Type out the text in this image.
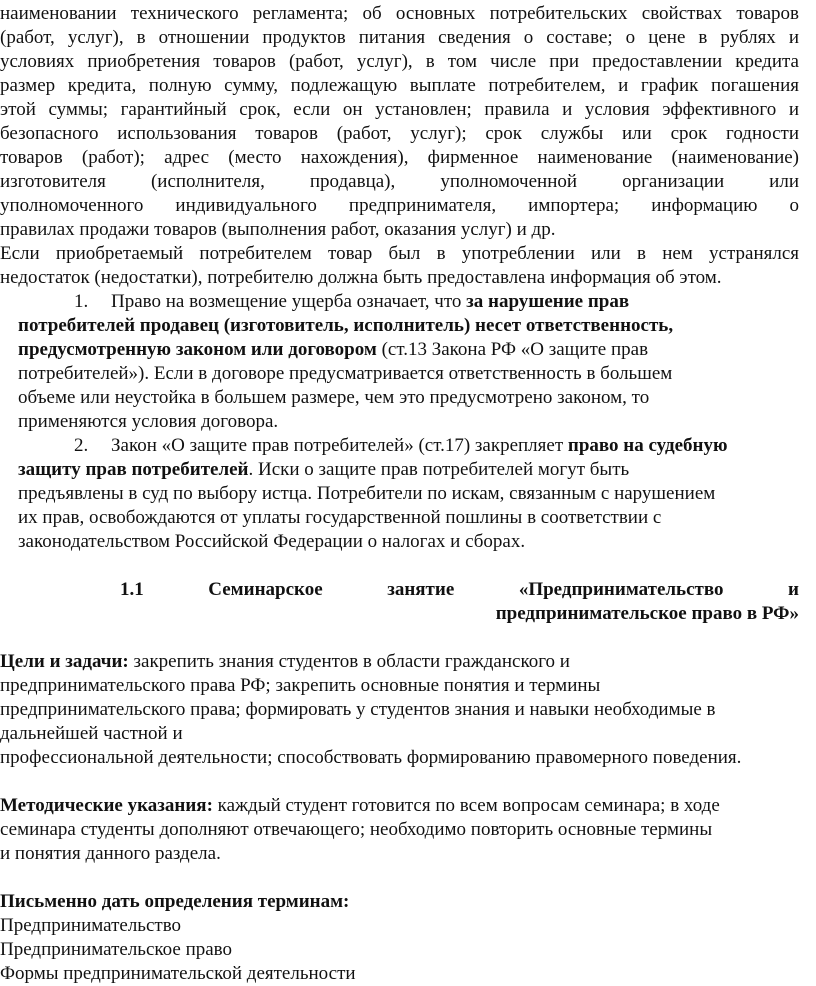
наименовании технического регламента; об основных потребительских свойствах товаров
(работ, услуг), в отношении продуктов питания сведения о составе; о цене в рублях и
условиях приобретения товаров (работ, услуг), в том числе при предоставлении кредита
размер кредита, полную сумму, подлежащую выплате потребителем, и график погашения
этой суммы; гарантийный срок, если он установлен; правила и условия эффективного и
безопасного использования товаров (работ, услуг); срок службы или срок годности
товаров (работ); адрес (место нахождения), фирменное наименование (наименование)
изготовителя (исполнителя, продавца), уполномоченной организации или
уполномоченного индивидуального предпринимателя, импортера; информацию о
правилах продажи товаров (выполнения работ, оказания услуг) и др.
Если приобретаемый потребителем товар был в употреблении или в нем устранялся
недостаток (недостатки), потребителю должна быть предоставлена информация об этом.
1. Право на возмещение ущерба означает, что за нарушение прав
потребителей продавец (изготовитель, исполнитель) несет ответственность,
предусмотренную законом или договором (ст.13 Закона РФ «О защите прав
потребителей»). Если в договоре предусматривается ответственность в большем
объеме или неустойка в большем размере, чем это предусмотрено законом, то
применяются условия договора.
2. Закон «О защите прав потребителей» (ст.17) закрепляет право на судебную
защиту прав потребителей. Иски о защите прав потребителей могут быть
предъявлены в суд по выбору истца. Потребители по искам, связанным с нарушением
их прав, освобождаются от уплаты государственной пошлины в соответствии с
законодательством Российской Федерации о налогах и сборах.
1.1 Семинарское занятие «Предпринимательство и
предпринимательское право в РФ»
Цели и задачи: закрепить знания студентов в области гражданского и
предпринимательского права РФ; закрепить основные понятия и термины
предпринимательского права; формировать у студентов знания и навыки необходимые в
дальнейшей частной и
профессиональной деятельности; способствовать формированию правомерного поведения.
Методические указания: каждый студент готовится по всем вопросам семинара; в ходе
семинара студенты дополняют отвечающего; необходимо повторить основные термины
и понятия данного раздела.
Письменно дать определения терминам:
Предпринимательство
Предпринимательское право
Формы предпринимательской деятельности
